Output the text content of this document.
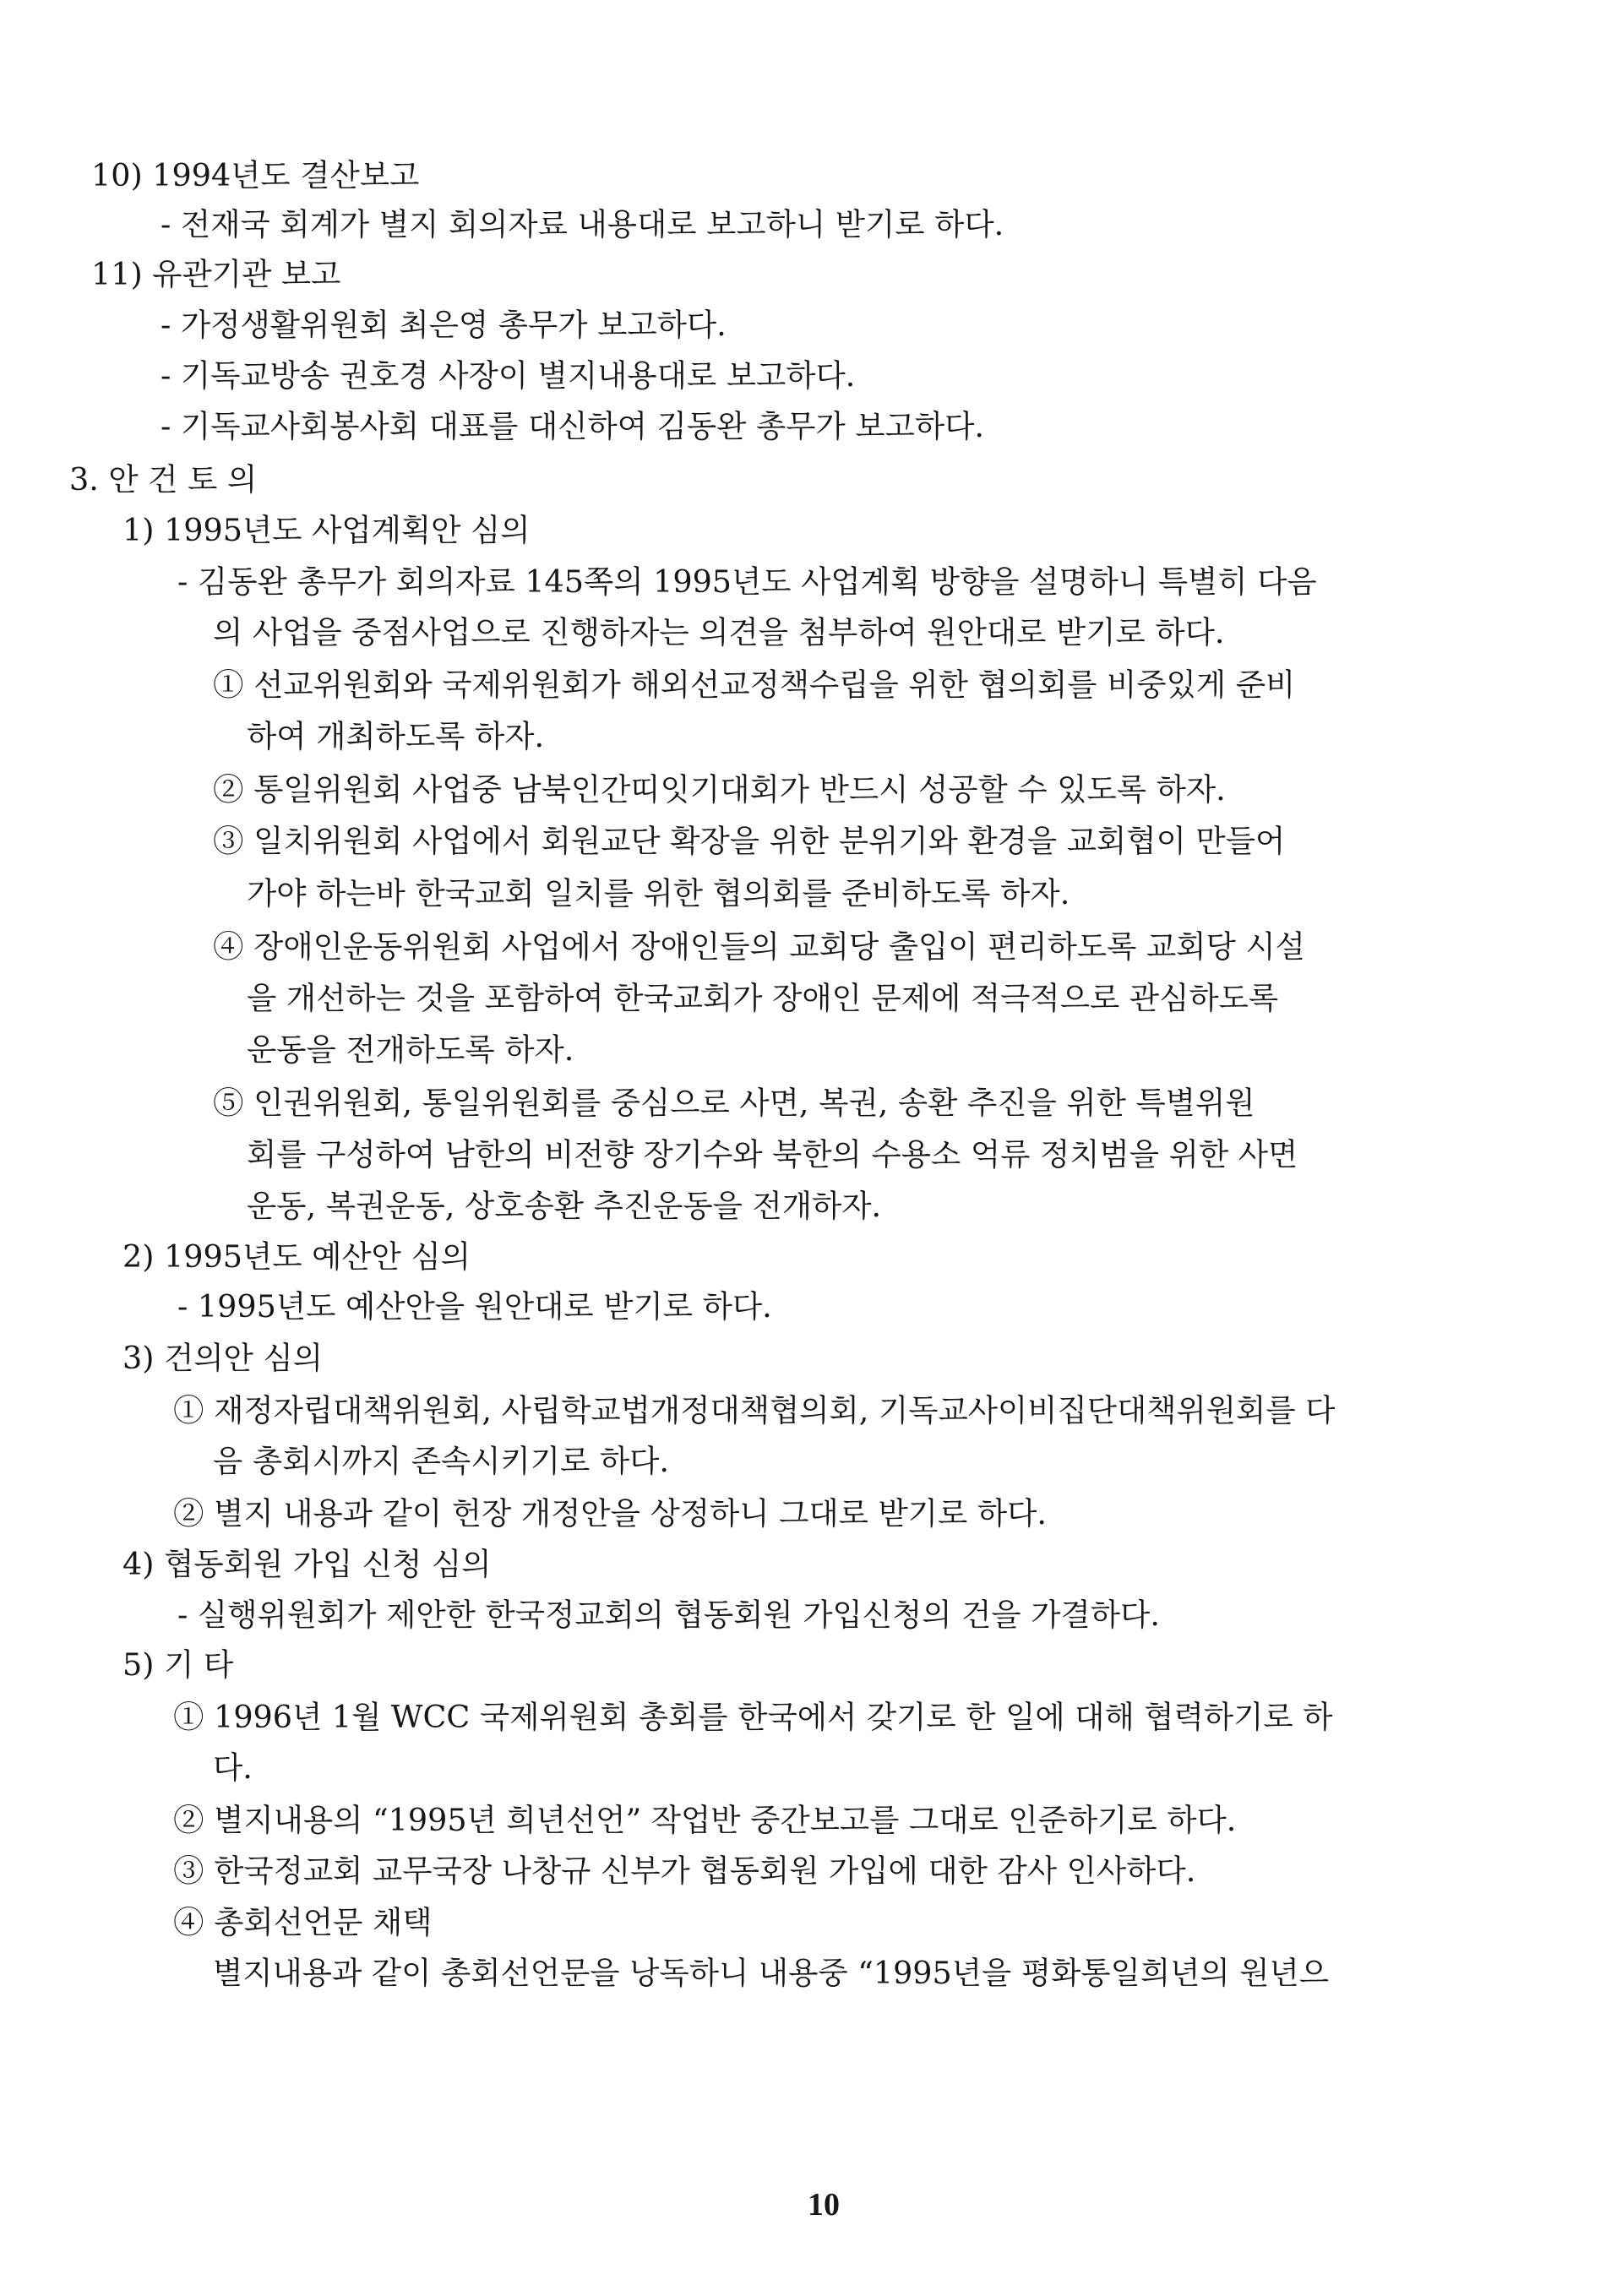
10) 1994년도 결산보고
- 전재국 회계가 별지 회의자료 내용대로 보고하니 받기로 하다.
11) 유관기관 보고
- 가정생활위원회 최은영 총무가 보고하다.
- 기독교방송 권호경 사장이 별지내용대로 보고하다.
- 기독교사회봉사회 대표를 대신하여 김동완 총무가 보고하다.
3. 안 건 토 의
1) 1995년도 사업계획안 심의
- 김동완 총무가 회의자료 145쪽의 1995년도 사업계획 방향을 설명하니 특별히 다음
의 사업을 중점사업으로 진행하자는 의견을 첨부하여 원안대로 받기로 하다.
① 선교위원회와 국제위원회가 해외선교정책수립을 위한 협의회를 비중있게 준비
하여 개최하도록 하자.
② 통일위원회 사업중 남북인간띠잇기대회가 반드시 성공할 수 있도록 하자.
③ 일치위원회 사업에서 회원교단 확장을 위한 분위기와 환경을 교회협이 만들어
가야 하는바 한국교회 일치를 위한 협의회를 준비하도록 하자.
④ 장애인운동위원회 사업에서 장애인들의 교회당 출입이 편리하도록 교회당 시설
을 개선하는 것을 포함하여 한국교회가 장애인 문제에 적극적으로 관심하도록
운동을 전개하도록 하자.
⑤ 인권위원회, 통일위원회를 중심으로 사면, 복권, 송환 추진을 위한 특별위원
회를 구성하여 남한의 비전향 장기수와 북한의 수용소 억류 정치범을 위한 사면
운동, 복권운동, 상호송환 추진운동을 전개하자.
2) 1995년도 예산안 심의
- 1995년도 예산안을 원안대로 받기로 하다.
3) 건의안 심의
① 재정자립대책위원회, 사립학교법개정대책협의회, 기독교사이비집단대책위원회를 다
음 총회시까지 존속시키기로 하다.
② 별지 내용과 같이 헌장 개정안을 상정하니 그대로 받기로 하다.
4) 협동회원 가입 신청 심의
- 실행위원회가 제안한 한국정교회의 협동회원 가입신청의 건을 가결하다.
5) 기 타
① 1996년 1월 WCC 국제위원회 총회를 한국에서 갖기로 한 일에 대해 협력하기로 하
다.
② 별지내용의 “1995년 희년선언” 작업반 중간보고를 그대로 인준하기로 하다.
③ 한국정교회 교무국장 나창규 신부가 협동회원 가입에 대한 감사 인사하다.
④ 총회선언문 채택
별지내용과 같이 총회선언문을 낭독하니 내용중 “1995년을 평화통일희년의 원년으
10
